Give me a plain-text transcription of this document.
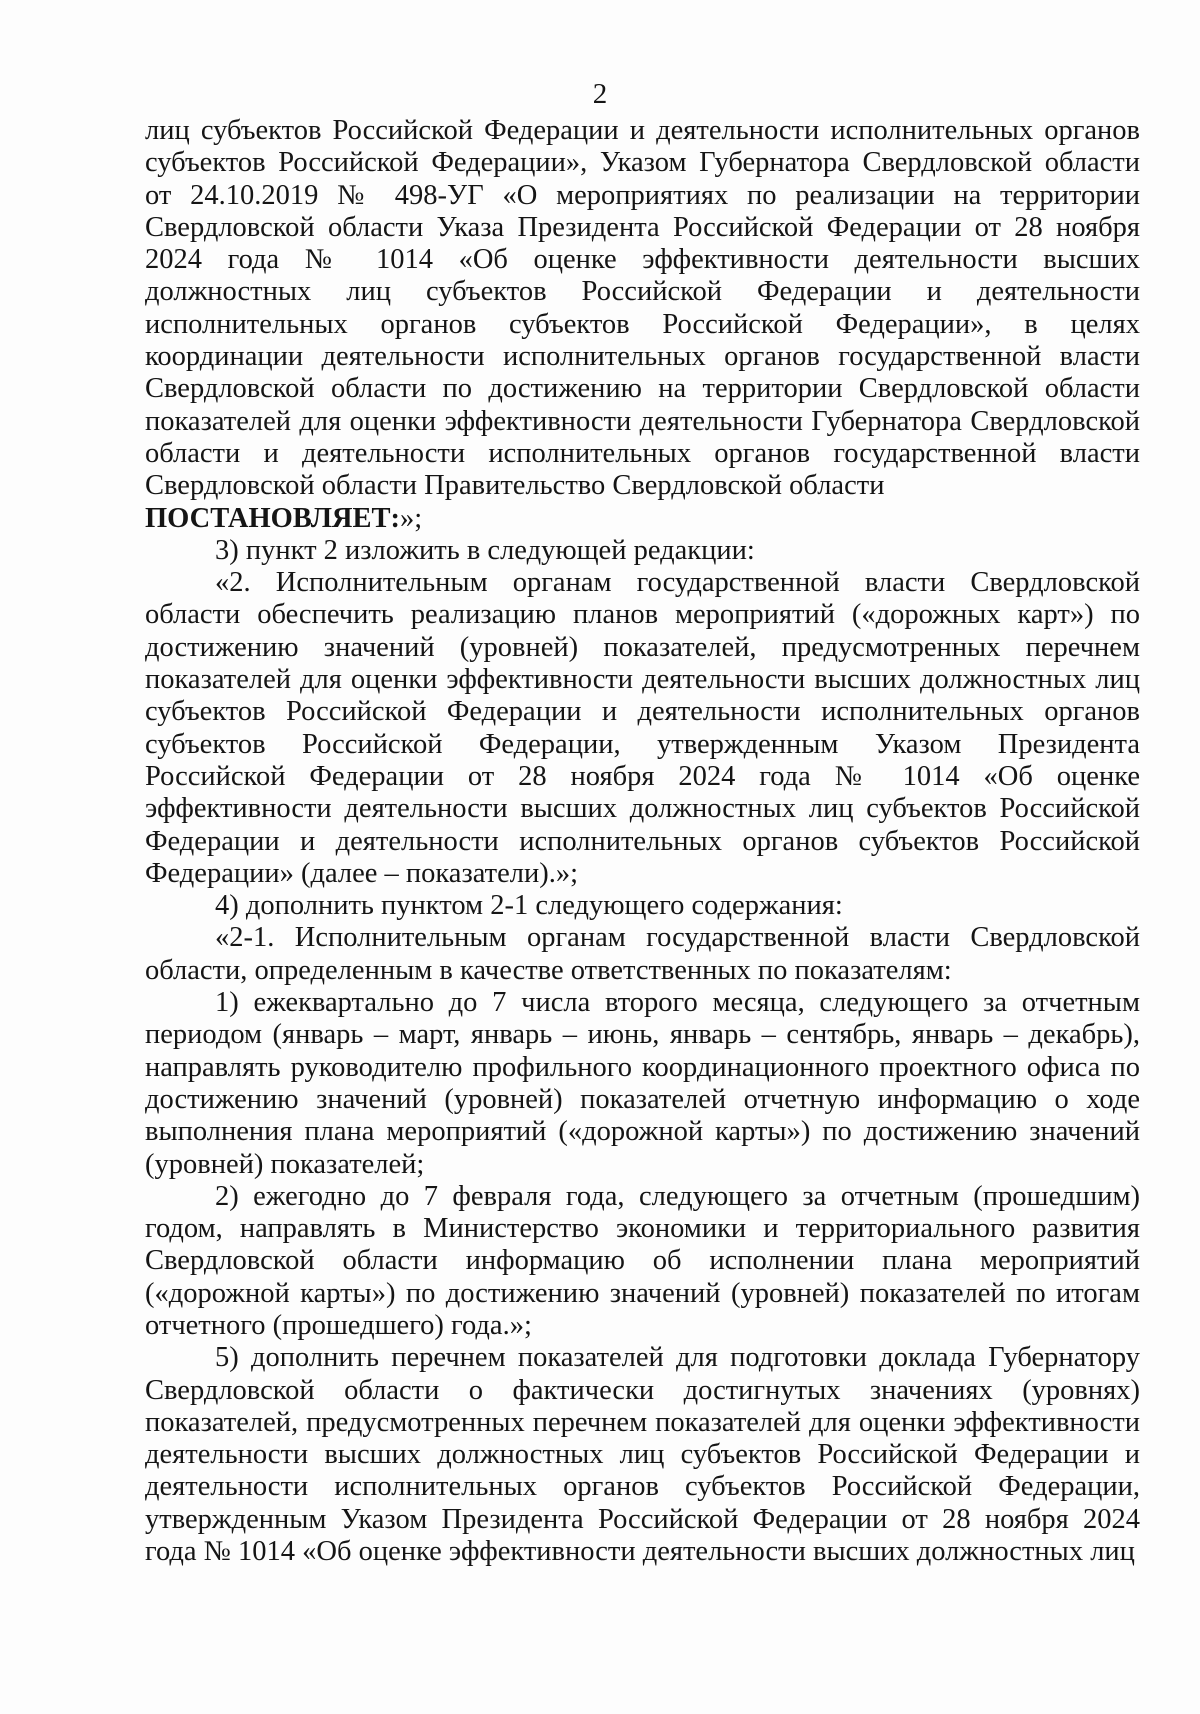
2

лиц субъектов Российской Федерации и деятельности исполнительных органов субъектов Российской Федерации», Указом Губернатора Свердловской области от 24.10.2019 № 498-УГ «О мероприятиях по реализации на территории Свердловской области Указа Президента Российской Федерации от 28 ноября 2024 года № 1014 «Об оценке эффективности деятельности высших должностных лиц субъектов Российской Федерации и деятельности исполнительных органов субъектов Российской Федерации», в целях координации деятельности исполнительных органов государственной власти Свердловской области по достижению на территории Свердловской области показателей для оценки эффективности деятельности Губернатора Свердловской области и деятельности исполнительных органов государственной власти Свердловской области Правительство Свердловской области

ПОСТАНОВЛЯЕТ:»;

3) пункт 2 изложить в следующей редакции:

«2. Исполнительным органам государственной власти Свердловской области обеспечить реализацию планов мероприятий («дорожных карт») по достижению значений (уровней) показателей, предусмотренных перечнем показателей для оценки эффективности деятельности высших должностных лиц субъектов Российской Федерации и деятельности исполнительных органов субъектов Российской Федерации, утвержденным Указом Президента Российской Федерации от 28 ноября 2024 года № 1014 «Об оценке эффективности деятельности высших должностных лиц субъектов Российской Федерации и деятельности исполнительных органов субъектов Российской Федерации» (далее – показатели).»;

4) дополнить пунктом 2-1 следующего содержания:

«2-1. Исполнительным органам государственной власти Свердловской области, определенным в качестве ответственных по показателям:

1) ежеквартально до 7 числа второго месяца, следующего за отчетным периодом (январь – март, январь – июнь, январь – сентябрь, январь – декабрь), направлять руководителю профильного координационного проектного офиса по достижению значений (уровней) показателей отчетную информацию о ходе выполнения плана мероприятий («дорожной карты») по достижению значений (уровней) показателей;

2) ежегодно до 7 февраля года, следующего за отчетным (прошедшим) годом, направлять в Министерство экономики и территориального развития Свердловской области информацию об исполнении плана мероприятий («дорожной карты») по достижению значений (уровней) показателей по итогам отчетного (прошедшего) года.»;

5) дополнить перечнем показателей для подготовки доклада Губернатору Свердловской области о фактически достигнутых значениях (уровнях) показателей, предусмотренных перечнем показателей для оценки эффективности деятельности высших должностных лиц субъектов Российской Федерации и деятельности исполнительных органов субъектов Российской Федерации, утвержденным Указом Президента Российской Федерации от 28 ноября 2024 года № 1014 «Об оценке эффективности деятельности высших должностных лиц
